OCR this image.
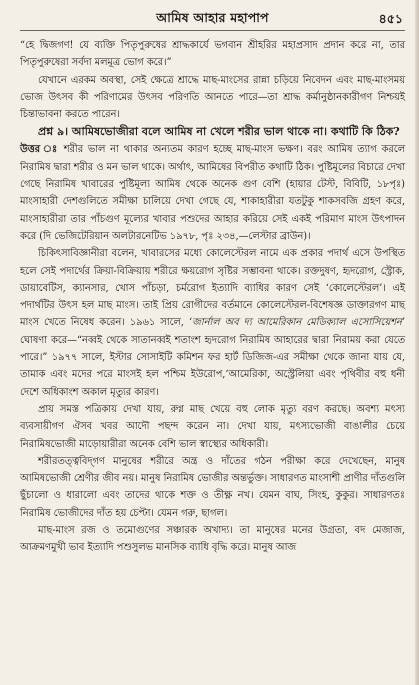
আমিষ আহার মহাপাপ	৪৫১

“হে দ্বিজগণ! যে ব্যক্তি পিতৃপুরুষের শ্রাদ্ধকার্যে ভগবান শ্রীহরির মহাপ্রসাদ প্রদান করে না, তার পিতৃপুরুষেরা সর্বদা মলমূত্র ভোগ করে।”

যেখানে এরকম অবস্থা, সেই ক্ষেত্রে শ্রাদ্ধে মাছ-মাংসের রান্না চড়িয়ে নিবেদন এবং মাছ-মাংসময় ভোজ উৎসব কী পরিণামের উৎসব পরিণতি আনতে পারে—তা শ্রাদ্ধ কর্মানুষ্ঠানকারীগণ নিশ্চয়ই চিন্তাভাবনা করতে পারেন।

প্রশ্ন ৯। আমিষভোজীরা বলে আমিষ না খেলে শরীর ভাল থাকে না। কথাটি কি ঠিক?

উত্তর ঃ শরীর ভাল না থাকার অন্যতম কারণ হচ্ছে মাছ-মাংস ভক্ষণ। বরং আমিষ ত্যাগ করলে নিরামিষ দ্বারা শরীর ও মন ভাল থাকে। অর্থাৎ, আমিষের বিপরীত কথাটি ঠিক। পুষ্টিমূলের বিচারে দেখা গেছে নিরামিষ খাবারের পুষ্টিমূল্য আমিষ থেকে অনেক গুণ বেশি (হায়ার টেস্ট, বিবিটি, ১৮পৃঃ) মাংসাহারী দেশগুলিতে সমীক্ষা চালিয়ে দেখা গেছে যে, শাকাহারীরা যতটুকু শাকসবজি গ্রহণ করে, মাংসাহারীরা তার পাঁচগুণ মূল্যের খাবার পশুদের আহার করিয়ে সেই একই পরিমাণ মাংস উৎপাদন করে (দি ভেজিটেরিয়ান অলটারনেটিভ ১৯৭৮, পৃঃ ২৩৪,—লেস্টার ব্রাউন)।

চিকিৎসাবিজ্ঞানীরা বলেন, খাবারসের মধ্যে কোলেস্টেরল নামে এক প্রকার পদার্থ এসে উপস্থিত হলে সেই পদার্থের ক্রিয়া-বিক্রিয়ায় শরীরে ক্ষয়রোগ সৃষ্টির সম্ভাবনা থাকে। রক্তদুষণ, হৃদরোগ, স্ট্রোক, ডায়াবেটিস, ক্যানসার, খোস পাঁচড়া, চর্মরোগ ইত্যাদি ব্যাধির কারণ সেই ‘কোলেস্টেরল’। এই পদার্থটির উৎস হল মাছ মাংস। তাই প্রিয় রোগীদের বর্তমানে কোলেস্টেরল-বিশেষজ্ঞ ডাক্তারগণ মাছ মাংস খেতে নিষেধ করেন। ১৯৬১ সালে, ‘জার্নাল অব দ্য আমেরিকান মেডিক্যাল এসোসিয়েশন’ ঘোষণা করে—“নব্বই থেকে সাতানব্বই শতাংশ হৃদরোগ নিরামিষ আহারের দ্বারা নিরাময় করা যেতে পারে।” ১৯৭৭ সালে, ইস্টার সোসাইটি কমিশন ফর হার্ট ডিজিজ-এর সমীক্ষা থেকে জানা যায় যে, তামাক এবং মদের পরে মাংসই হল পশ্চিম ইউরোপ,‘আমেরিকা, অস্ট্রেলিয়া এবং পৃথিবীর বহু ধনী দেশে অধিকাংশ অকাল মৃত্যুর কারণ।

প্রায় সমস্ত পত্রিকায় দেখা যায়, রুগ্ন মাছ খেয়ে বহু লোক মৃত্যু বরণ করছে। অবশ্য মৎস্য ব্যবসায়ীগণ ঐসব খবর আদৌ পছন্দ করেন না। দেখা যায়, মৎস্যভোজী বাঙালীর চেয়ে নিরামিষভোজী মাড়োয়ারীরা অনেক বেশি ভাল স্বাস্থ্যের অধিকারী।

শরীরতত্ত্ববিদ্‌গণ মানুষের শরীরে অন্ত্র ও দাঁতের গঠন পরীক্ষা করে দেখেছেন, মানুষ আমিষভোজী শ্রেণীর জীব নয়। মানুষ নিরামিষ ভোজীর অন্তর্ভুক্ত। সাধারণত মাংসাশী প্রাণীর দাঁতগুলি ছুঁচালো ও ধারালো এবং তাদের থাকে শক্ত ও তীক্ষ্ণ নখ। যেমন বাঘ, সিংহ, কুকুর। সাধারণতঃ নিরামিষ ভোজীদের দাঁত হয় চেপ্টা। যেমন গরু, ছাগল।

মাছ-মাংস রজ ও তমোগুণের সঞ্চারক অখাদ্য। তা মানুষের মনের উগ্রতা, বদ মেজাজ, আক্রমণমুখী ভাব ইত্যাদি পশুসুলভ মানসিক ব্যাধি বৃদ্ধি করে। মানুষ আজ
